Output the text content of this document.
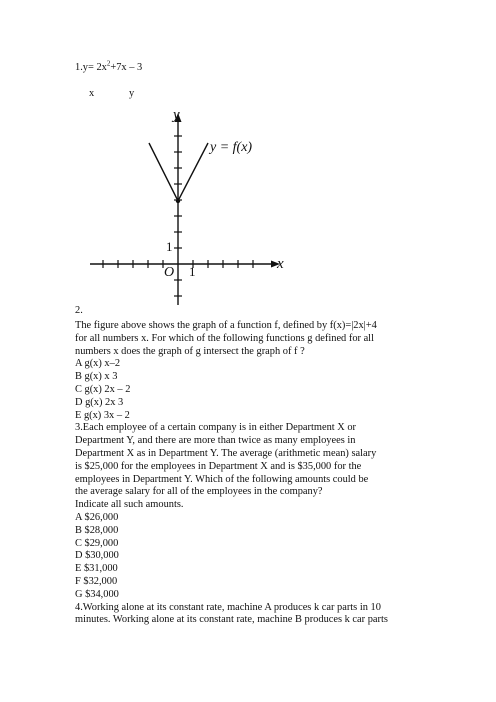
$1.y= 2x^2+7x - 3$
x	y
y
x
O 1
1
y = f(x)
2.
The figure above shows the graph of a function f, defined by f(x)=|2x|+4
for all numbers x. For which of the following functions g defined for all
numbers x does the graph of g intersect the graph of f ?
A g(x) x–2
B g(x) x 3
C g(x) 2x – 2
D g(x) 2x 3
E g(x) 3x – 2
3.Each employee of a certain company is in either Department X or
Department Y, and there are more than twice as many employees in
Department X as in Department Y. The average (arithmetic mean) salary
is $25,000 for the employees in Department X and is $35,000 for the
employees in Department Y. Which of the following amounts could be
the average salary for all of the employees in the company?
Indicate all such amounts.
A $26,000
B $28,000
C $29,000
D $30,000
E $31,000
F $32,000
G $34,000
4.Working alone at its constant rate, machine A produces k car parts in 10
minutes. Working alone at its constant rate, machine B produces k car parts
